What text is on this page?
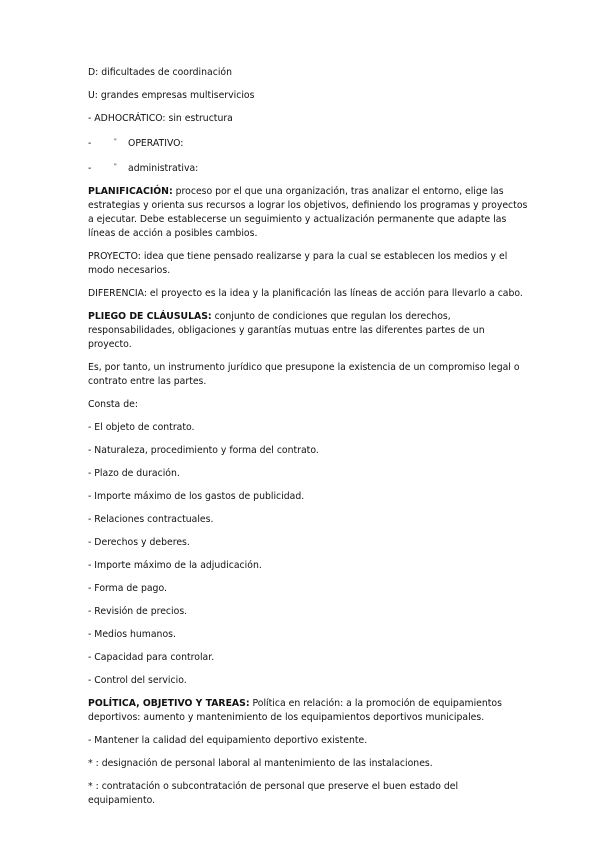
D: dificultades de coordinación

U: grandes empresas multiservicios

- ADHOCRÁTICO: sin estructura

-	" OPERATIVO:

-	" administrativa:

PLANIFICACIÓN: proceso por el que una organización, tras analizar el entorno, elige las estrategias y orienta sus recursos a lograr los objetivos, definiendo los programas y proyectos a ejecutar. Debe establecerse un seguimiento y actualización permanente que adapte las líneas de acción a posibles cambios.

PROYECTO: idea que tiene pensado realizarse y para la cual se establecen los medios y el modo necesarios.

DIFERENCIA: el proyecto es la idea y la planificación las líneas de acción para llevarlo a cabo.

PLIEGO DE CLÁUSULAS: conjunto de condiciones que regulan los derechos, responsabilidades, obligaciones y garantías mutuas entre las diferentes partes de un proyecto.

Es, por tanto, un instrumento jurídico que presupone la existencia de un compromiso legal o contrato entre las partes.

Consta de:

- El objeto de contrato.

- Naturaleza, procedimiento y forma del contrato.

- Plazo de duración.

- Importe máximo de los gastos de publicidad.

- Relaciones contractuales.

- Derechos y deberes.

- Importe máximo de la adjudicación.

- Forma de pago.

- Revisión de precios.

- Medios humanos.

- Capacidad para controlar.

- Control del servicio.

POLÍTICA, OBJETIVO Y TAREAS: Política en relación: a la promoción de equipamientos deportivos: aumento y mantenimiento de los equipamientos deportivos municipales.

- Mantener la calidad del equipamiento deportivo existente.

* : designación de personal laboral al mantenimiento de las instalaciones.

* : contratación o subcontratación de personal que preserve el buen estado del equipamiento.
